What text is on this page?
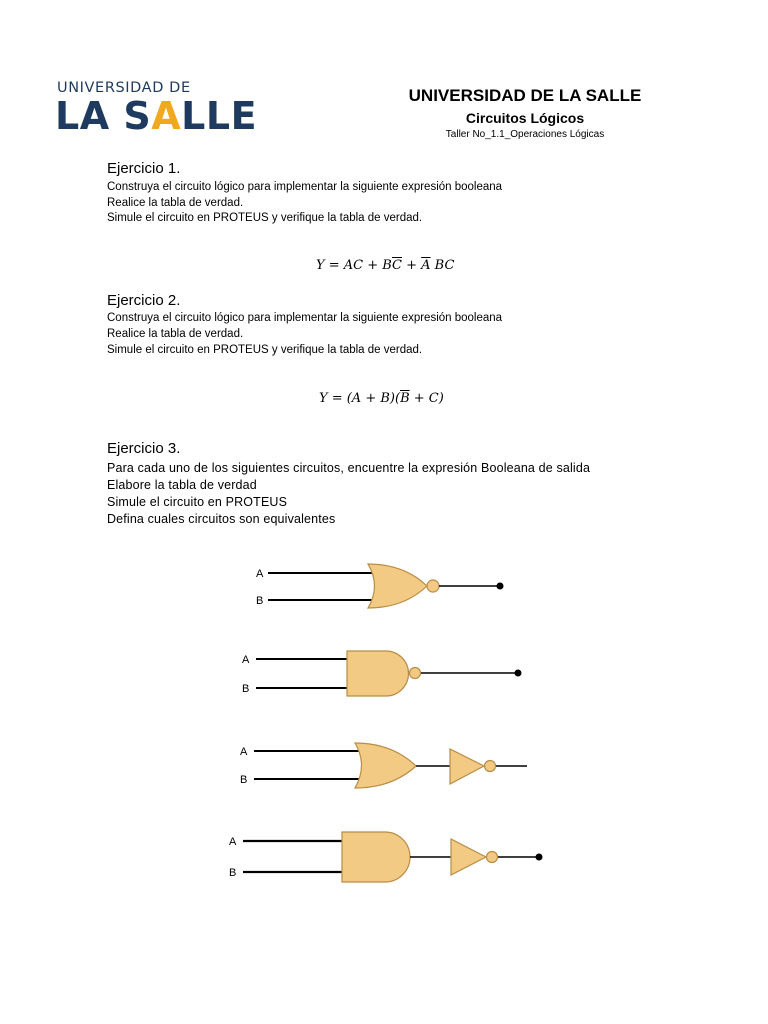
UNIVERSIDAD DE
LA SALLE	UNIVERSIDAD DE LA SALLE
Circuitos Lógicos
Taller No_1.1_Operaciones Lógicas
Ejercicio 1.
Construya el circuito lógico para implementar la siguiente expresión booleana
Realice la tabla de verdad.
Simule el circuito en PROTEUS y verifique la tabla de verdad.
Y = AC + $B\overline{C} + \overline{A}$ BC
Ejercicio 2.
Construya el circuito lógico para implementar la siguiente expresión booleana
Realice la tabla de verdad.
Simule el circuito en PROTEUS y verifique la tabla de verdad.
$Y = (A + B)(\overline{B} + C)$
Ejercicio 3.
Para cada uno de los siguientes circuitos, encuentre la expresión Booleana de salida
Elabore la tabla de verdad
Simule el circuito en PROTEUS
Defina cuales circuitos son equivalentes
A
B
A
B
A
B
A
B
